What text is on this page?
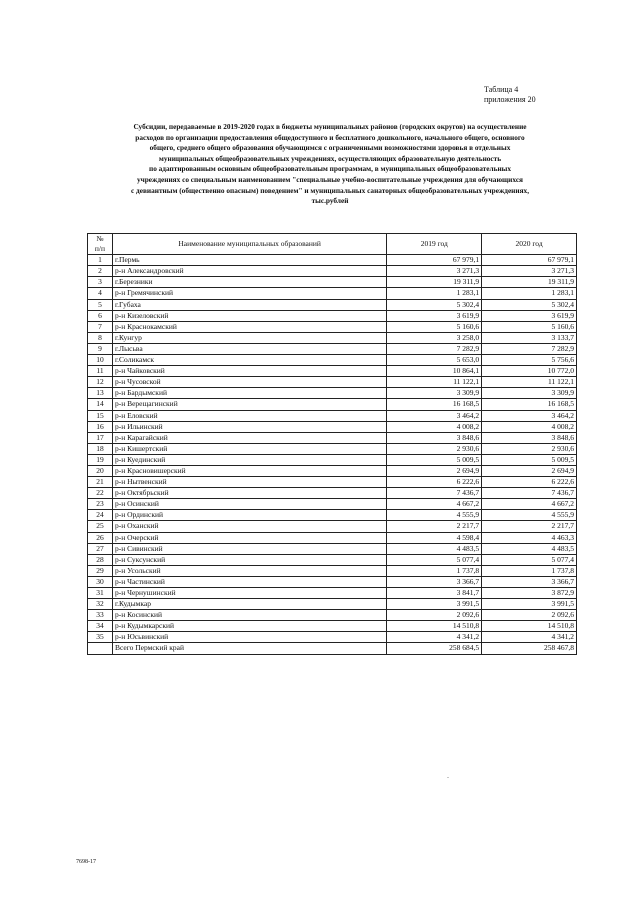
Таблица 4
приложения 20
Субсидии, передаваемые в 2019-2020 годах в бюджеты муниципальных районов (городских округов) на осуществление
расходов по организации предоставления общедоступного и бесплатного дошкольного, начального общего, основного
общего, среднего общего образования обучающимся с ограниченными возможностями здоровья в отдельных
муниципальных общеобразовательных учреждениях, осуществляющих образовательную деятельность
по адаптированным основным общеобразовательным программам, в муниципальных общеобразовательных
учреждениях со специальным наименованием "специальные учебно-воспитательные учреждения для обучающихся
с девиантным (общественно опасным) поведением" и муниципальных санаторных общеобразовательных учреждениях,
тыс.рублей
№
п/п	Наименование муниципальных образований	2019 год	2020 год
1	г.Пермь	67 979,1	67 979,1
2	р-н Александровский	3 271,3	3 271,3
3	г.Березники	19 311,9	19 311,9
4	р-н Гремячинский	1 283,1	1 283,1
5	г.Губаха	5 302,4	5 302,4
6	р-н Кизеловский	3 619,9	3 619,9
7	р-н Краснокамский	5 160,6	5 160,6
8	г.Кунгур	3 258,0	3 133,7
9	г.Лысьва	7 282,9	7 282,9
10	г.Соликамск	5 653,0	5 756,6
11	р-н Чайковский	10 864,1	10 772,0
12	р-н Чусовской	11 122,1	11 122,1
13	р-н Бардымский	3 309,9	3 309,9
14	р-н Верещагинский	16 168,5	16 168,5
15	р-н Еловский	3 464,2	3 464,2
16	р-н Ильинский	4 008,2	4 008,2
17	р-н Карагайский	3 848,6	3 848,6
18	р-н Кишертский	2 930,6	2 930,6
19	р-н Куединский	5 009,5	5 009,5
20	р-н Красновишерский	2 694,9	2 694,9
21	р-н Нытвенский	6 222,6	6 222,6
22	р-н Октябрьский	7 436,7	7 436,7
23	р-н Осинский	4 667,2	4 667,2
24	р-н Ординский	4 555,9	4 555,9
25	р-н Оханский	2 217,7	2 217,7
26	р-н Очерский	4 598,4	4 463,3
27	р-н Сивинский	4 483,5	4 483,5
28	р-н Суксунский	5 077,4	5 077,4
29	р-н Усольский	1 737,8	1 737,8
30	р-н Частинский	3 366,7	3 366,7
31	р-н Чернушинский	3 841,7	3 872,9
32	г.Кудымкар	3 991,5	3 991,5
33	р-н Косинский	2 092,6	2 092,6
34	р-н Кудымкарский	14 510,8	14 510,8
35	р-н Юсьвинский	4 341,2	4 341,2
	Всего Пермский край	258 684,5	258 467,8
-
7698-17
